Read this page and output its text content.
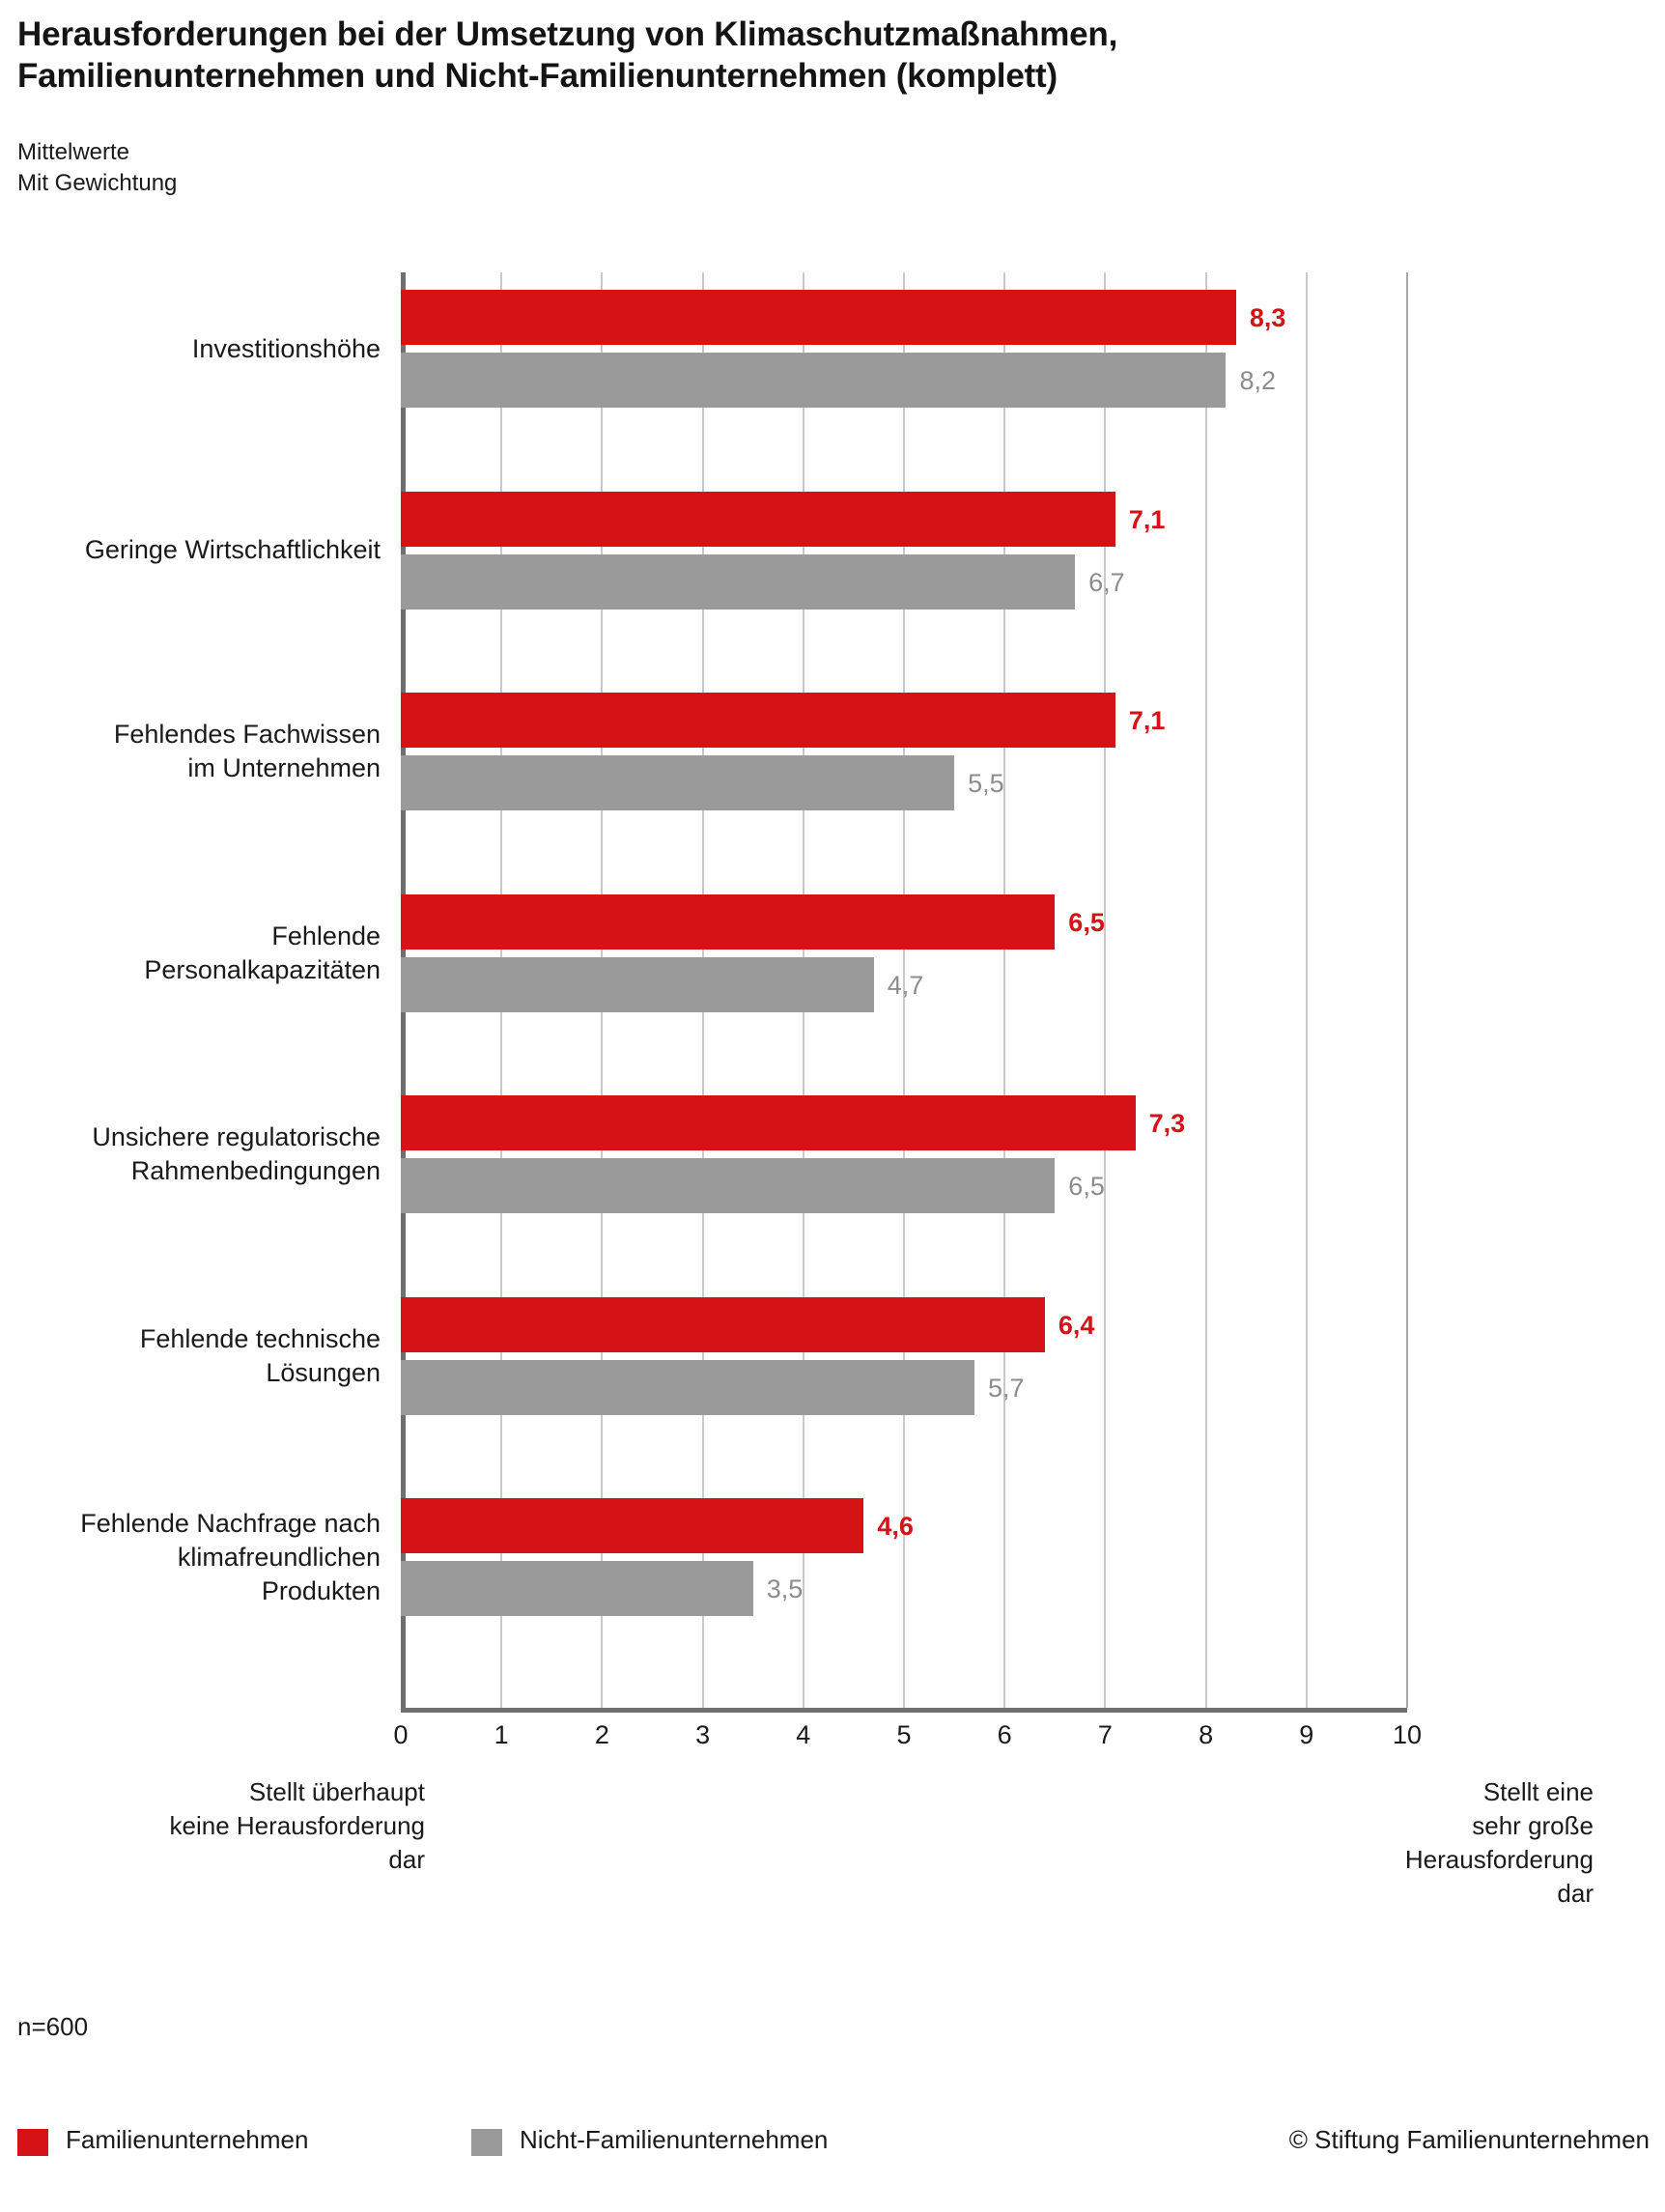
Herausforderungen bei der Umsetzung von Klimaschutzmaßnahmen, Familienunternehmen und Nicht-Familienunternehmen (komplett)
Mittelwerte
Mit Gewichtung
0	1	2	3	4	5	6	7	8	9	10
8,3
8,2
7,1
6,7
7,1
5,5
6,5
4,7
7,3
6,5
6,4
5,7
4,6
3,5
Investitionshöhe
Geringe Wirtschaftlichkeit
Fehlendes Fachwissen
im Unternehmen
Fehlende
Personalkapazitäten
Unsichere regulatorische
Rahmenbedingungen
Fehlende technische
Lösungen
Fehlende Nachfrage nach
klimafreundlichen
Produkten
Stellt überhaupt
keine Herausforderung
dar
Stellt eine
sehr große
Herausforderung
dar
n=600
Familienunternehmen	Nicht-Familienunternehmen	© Stiftung Familienunternehmen
